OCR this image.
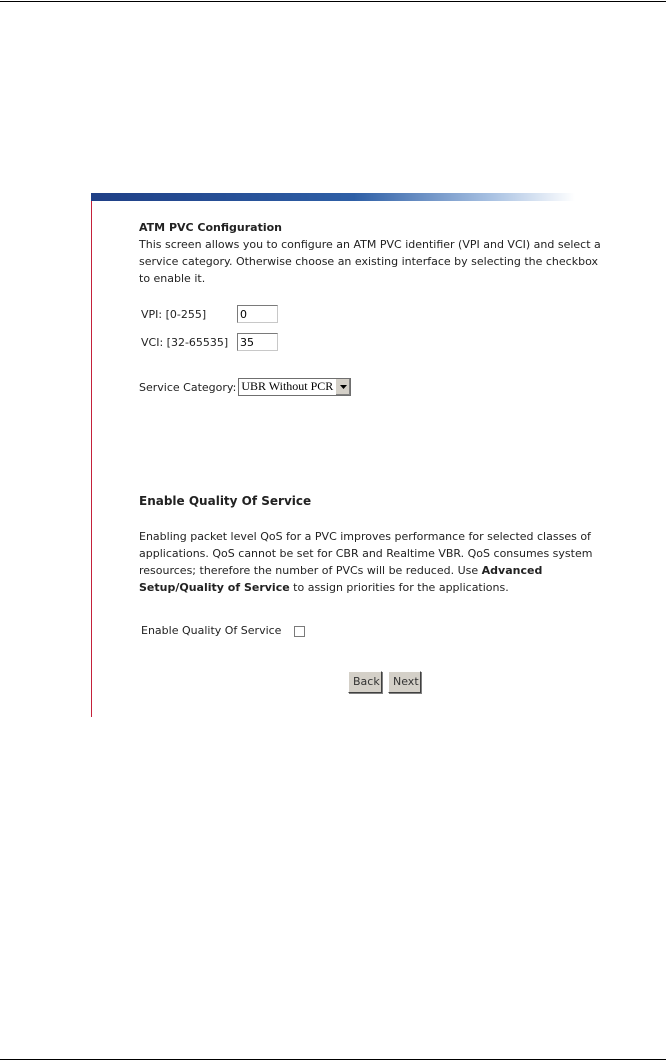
ATM PVC Configuration

This screen allows you to configure an ATM PVC identifier (VPI and VCI) and select a service category. Otherwise choose an existing interface by selecting the checkbox to enable it.

VPI: [0-255]
0
VCI: [32-65535]
35
Service Category: UBR Without PCR

Enable Quality Of Service

Enabling packet level QoS for a PVC improves performance for selected classes of applications. QoS cannot be set for CBR and Realtime VBR. QoS consumes system resources; therefore the number of PVCs will be reduced. Use Advanced Setup/Quality of Service to assign priorities for the applications.

Enable Quality Of Service
Back	Next
